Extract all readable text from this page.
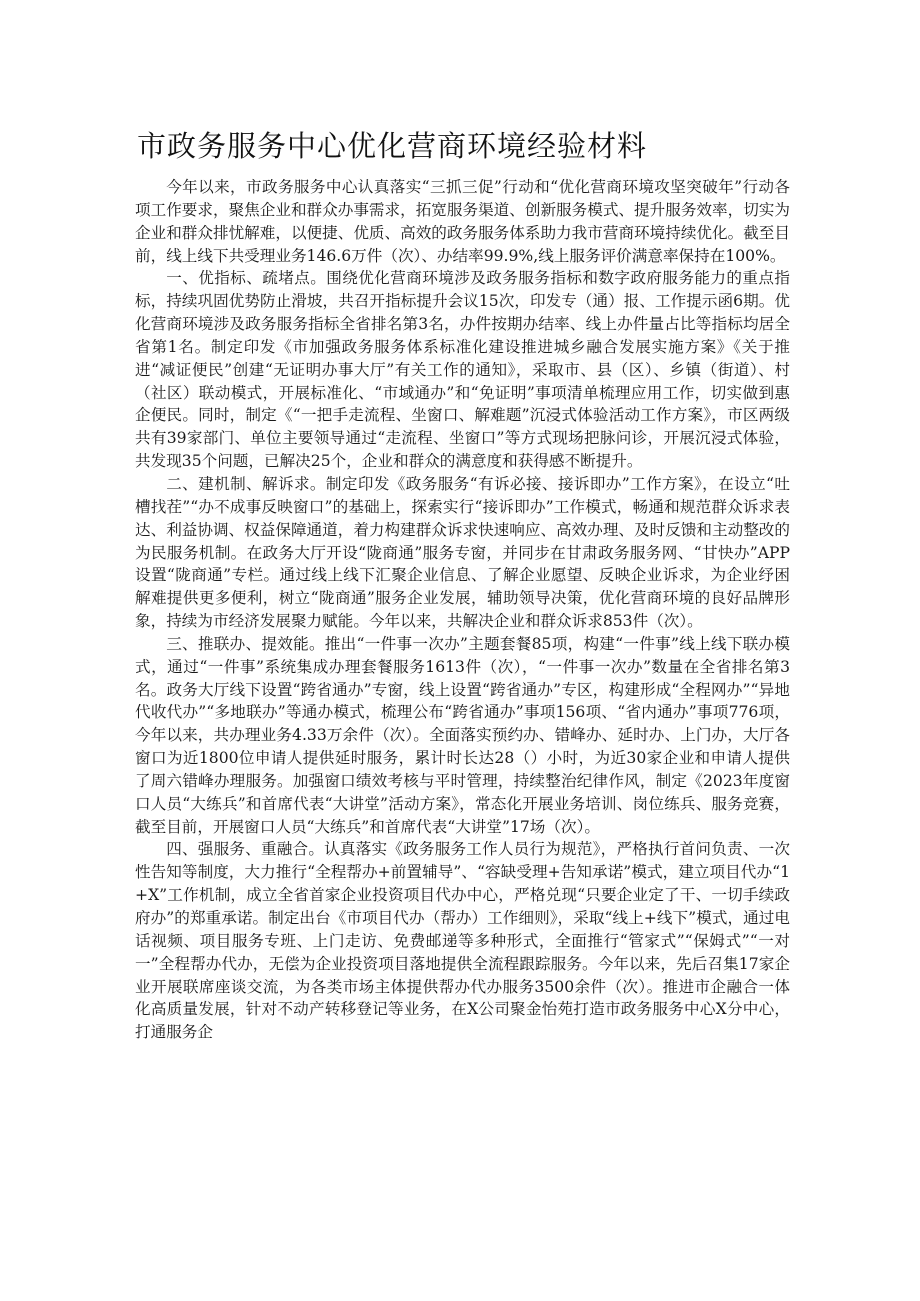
市政务服务中心优化营商环境经验材料

今年以来，市政务服务中心认真落实“三抓三促”行动和“优化营商环境攻坚突破年”行动各项工作要求，聚焦企业和群众办事需求，拓宽服务渠道、创新服务模式、提升服务效率，切实为企业和群众排忧解难，以便捷、优质、高效的政务服务体系助力我市营商环境持续优化。截至目前，线上线下共受理业务146.6万件（次）、办结率99.9%,线上服务评价满意率保持在100%。

一、优指标、疏堵点。围绕优化营商环境涉及政务服务指标和数字政府服务能力的重点指标，持续巩固优势防止滑坡，共召开指标提升会议15次，印发专（通）报、工作提示函6期。优化营商环境涉及政务服务指标全省排名第3名，办件按期办结率、线上办件量占比等指标均居全省第1名。制定印发《市加强政务服务体系标准化建设推进城乡融合发展实施方案》《关于推进“减证便民”创建“无证明办事大厅”有关工作的通知》，采取市、县（区）、乡镇（街道）、村（社区）联动模式，开展标准化、“市域通办”和“免证明”事项清单梳理应用工作，切实做到惠企便民。同时，制定《“一把手走流程、坐窗口、解难题”沉浸式体验活动工作方案》，市区两级共有39家部门、单位主要领导通过“走流程、坐窗口”等方式现场把脉问诊，开展沉浸式体验，共发现35个问题，已解决25个，企业和群众的满意度和获得感不断提升。

二、建机制、解诉求。制定印发《政务服务“有诉必接、接诉即办”工作方案》，在设立“吐槽找茬”“办不成事反映窗口”的基础上，探索实行“接诉即办”工作模式，畅通和规范群众诉求表达、利益协调、权益保障通道，着力构建群众诉求快速响应、高效办理、及时反馈和主动整改的为民服务机制。在政务大厅开设“陇商通”服务专窗，并同步在甘肃政务服务网、“甘快办”APP设置“陇商通”专栏。通过线上线下汇聚企业信息、了解企业愿望、反映企业诉求，为企业纾困解难提供更多便利，树立“陇商通”服务企业发展，辅助领导决策，优化营商环境的良好品牌形象，持续为市经济发展聚力赋能。今年以来，共解决企业和群众诉求853件（次）。

三、推联办、提效能。推出“一件事一次办”主题套餐85项，构建“一件事”线上线下联办模式，通过“一件事”系统集成办理套餐服务1613件（次），“一件事一次办”数量在全省排名第3名。政务大厅线下设置“跨省通办”专窗，线上设置“跨省通办”专区，构建形成“全程网办”“异地代收代办”“多地联办”等通办模式，梳理公布“跨省通办”事项156项、“省内通办”事项776项，今年以来，共办理业务4.33万余件（次）。全面落实预约办、错峰办、延时办、上门办，大厅各窗口为近1800位申请人提供延时服务，累计时长达28（）小时，为近30家企业和申请人提供了周六错峰办理服务。加强窗口绩效考核与平时管理，持续整治纪律作风，制定《2023年度窗口人员“大练兵”和首席代表“大讲堂”活动方案》，常态化开展业务培训、岗位练兵、服务竞赛，截至目前，开展窗口人员“大练兵”和首席代表“大讲堂”17场（次）。

四、强服务、重融合。认真落实《政务服务工作人员行为规范》，严格执行首问负责、一次性告知等制度，大力推行“全程帮办+前置辅导”、“容缺受理+告知承诺”模式，建立项目代办“1+X”工作机制，成立全省首家企业投资项目代办中心，严格兑现“只要企业定了干、一切手续政府办”的郑重承诺。制定出台《市项目代办（帮办）工作细则》，采取“线上+线下”模式，通过电话视频、项目服务专班、上门走访、免费邮递等多种形式，全面推行“管家式”“保姆式”“一对一”全程帮办代办，无偿为企业投资项目落地提供全流程跟踪服务。今年以来，先后召集17家企业开展联席座谈交流，为各类市场主体提供帮办代办服务3500余件（次）。推进市企融合一体化高质量发展，针对不动产转移登记等业务，在X公司聚金怡苑打造市政务服务中心X分中心，打通服务企
